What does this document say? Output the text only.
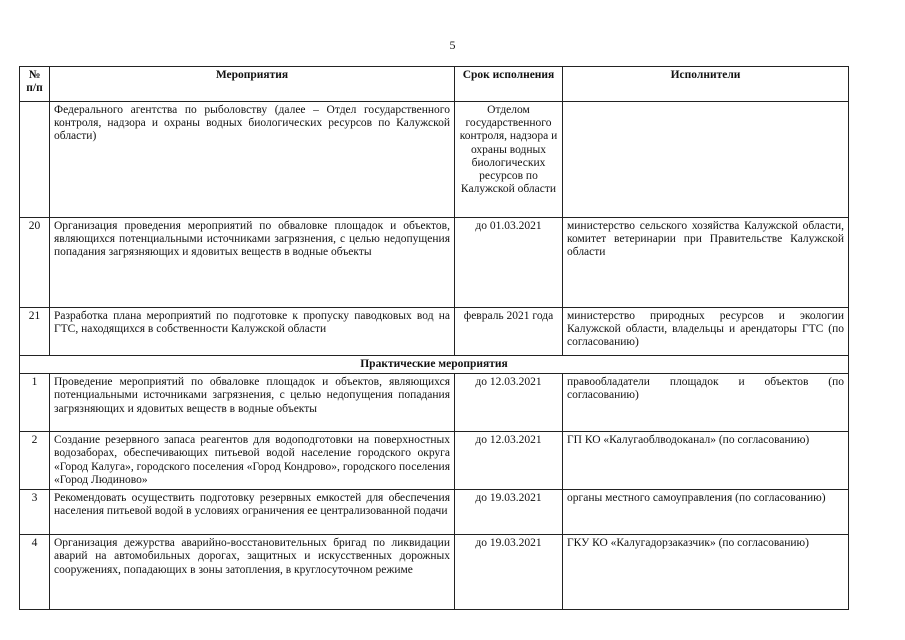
5
№ п/п	Мероприятия	Срок исполнения	Исполнители
	Федерального агентства по рыболовству (далее – Отдел государственного контроля, надзора и охраны водных биологических ресурсов по Калужской области)	Отделом государственного контроля, надзора и охраны водных биологических ресурсов по Калужской области	
20	Организация проведения мероприятий по обваловке площадок и объектов, являющихся потенциальными источниками загрязнения, с целью недопущения попадания загрязняющих и ядовитых веществ в водные объекты	до 01.03.2021	министерство сельского хозяйства Калужской области, комитет ветеринарии при Правительстве Калужской области
21	Разработка плана мероприятий по подготовке к пропуску паводковых вод на ГТС, находящихся в собственности Калужской области	февраль 2021 года	министерство природных ресурсов и экологии Калужской области, владельцы и арендаторы ГТС (по согласованию)
Практические мероприятия			
1	Проведение мероприятий по обваловке площадок и объектов, являющихся потенциальными источниками загрязнения, с целью недопущения попадания загрязняющих и ядовитых веществ в водные объекты	до 12.03.2021	правообладатели площадок и объектов (по согласованию)
2	Создание резервного запаса реагентов для водоподготовки на поверхностных водозаборах, обеспечивающих питьевой водой население городского округа «Город Калуга», городского поселения «Город Кондрово», городского поселения «Город Людиново»	до 12.03.2021	ГП КО «Калугаоблводоканал» (по согласованию)
3	Рекомендовать осуществить подготовку резервных емкостей для обеспечения населения питьевой водой в условиях ограничения ее централизованной подачи	до 19.03.2021	органы местного самоуправления (по согласованию)
4	Организация дежурства аварийно-восстановительных бригад по ликвидации аварий на автомобильных дорогах, защитных и искусственных дорожных сооружениях, попадающих в зоны затопления, в круглосуточном режиме	до 19.03.2021	ГКУ КО «Калугадорзаказчик» (по согласованию)
